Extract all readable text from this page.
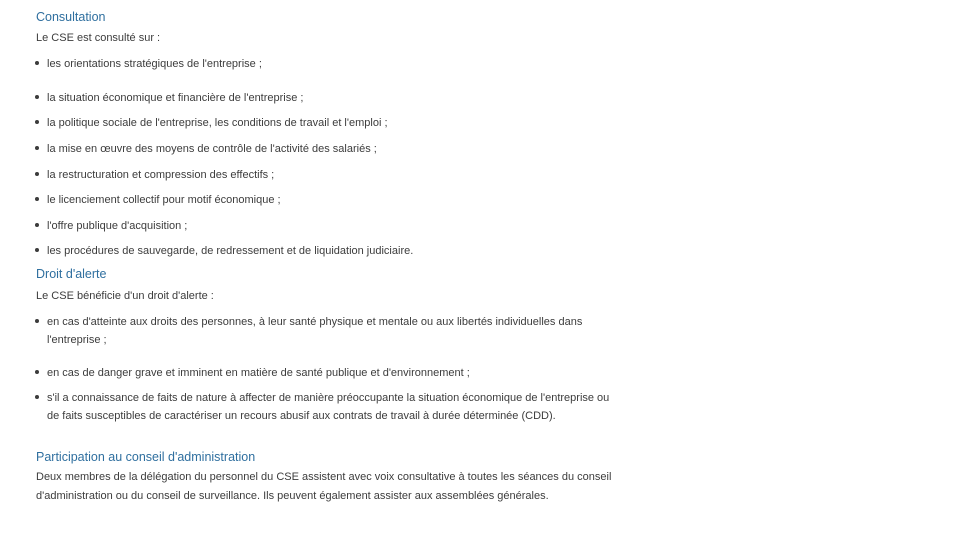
Consultation
Le CSE est consulté sur :
les orientations stratégiques de l'entreprise ;
la situation économique et financière de l'entreprise ;
la politique sociale de l'entreprise, les conditions de travail et l'emploi ;
la mise en œuvre des moyens de contrôle de l'activité des salariés ;
la restructuration et compression des effectifs ;
le licenciement collectif pour motif économique ;
l'offre publique d'acquisition ;
les procédures de sauvegarde, de redressement et de liquidation judiciaire.
Droit d'alerte
Le CSE bénéficie d'un droit d'alerte :
en cas d'atteinte aux droits des personnes, à leur santé physique et mentale ou aux libertés individuelles dans l'entreprise ;
en cas de danger grave et imminent en matière de santé publique et d'environnement ;
s'il a connaissance de faits de nature à affecter de manière préoccupante la situation économique de l'entreprise ou de faits susceptibles de caractériser un recours abusif aux contrats de travail à durée déterminée (CDD).
Participation au conseil d'administration
Deux membres de la délégation du personnel du CSE assistent avec voix consultative à toutes les séances du conseil d'administration ou du conseil de surveillance. Ils peuvent également assister aux assemblées générales.
